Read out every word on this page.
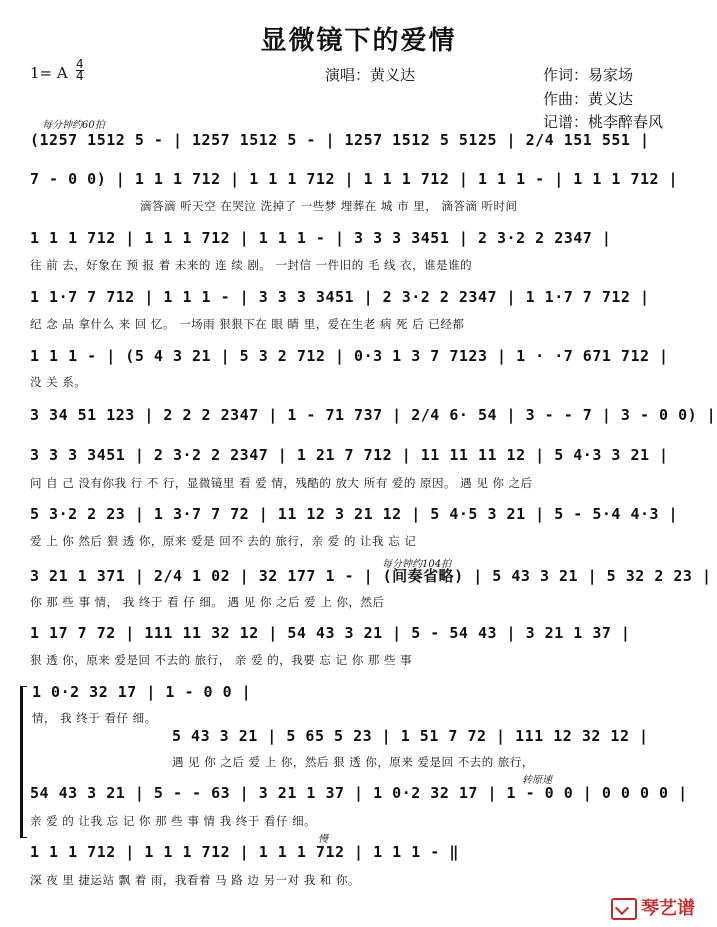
显微镜下的爱情
1= A 4
4	演唱：黄义达	作词：易家场
作曲：黄义达
记谱：桃李醉春风
每分钟约60拍
每分钟约104拍
转原速
慢
(1257 1512 5 - | 1257 1512 5 - | 1257 1512 5 5125 | 2/4 151 551 |
7 - 0 0) | 1 1 1 712 | 1 1 1 712 | 1 1 1 712 | 1 1 1 - | 1 1 1 712 |
滴答滴 听天空 在哭泣 洗掉了 一些梦 埋葬在 城 市 里， 滴答滴 听时间
1 1 1 712 | 1 1 1 712 | 1 1 1 - | 3 3 3 3451 | 2 3·2 2 2347 |
往 前 去，好象在 预 报 着 未来的 连 续 剧。 一封信 一件旧的 毛 线 衣，谁是谁的
1 1·7 7 712 | 1 1 1 - | 3 3 3 3451 | 2 3·2 2 2347 | 1 1·7 7 712 |
纪 念 品 拿什么 来 回 忆。 一场雨 狠狠下在 眼 睛 里，爱在生老 病 死 后 已经都
1 1 1 - | (5 4 3 21 | 5 3 2 712 | 0·3 1 3 7 7123 | 1 · ·7 671 712 |
没 关 系。
3 34 51 123 | 2 2 2 2347 | 1 - 71 737 | 2/4 6· 54 | 3 - - 7 | 3 - 0 0) |
3 3 3 3451 | 2 3·2 2 2347 | 1 21 7 712 | 11 11 11 12 | 5 4·3 3 21 |
问 自 己 没有你我 行 不 行，显微镜里 看 爱 情，残酷的 放大 所有 爱的 原因。 遇 见 你 之后
5 3·2 2 23 | 1 3·7 7 72 | 11 12 3 21 12 | 5 4·5 3 21 | 5 - 5·4 4·3 |
爱 上 你 然后 狠 透 你，原来 爱是 回不 去的 旅行，亲 爱 的 让我 忘 记
3 21 1 371 | 2/4 1 02 | 32 177 1 - | (间奏省略) | 5 43 3 21 | 5 32 2 23 |
你 那 些 事 情， 我 终于 看 仔 细。 遇 见 你 之后 爱 上 你，然后
1 17 7 72 | 111 11 32 12 | 54 43 3 21 | 5 - 54 43 | 3 21 1 37 |
狠 透 你，原来 爱是回 不去的 旅行， 亲 爱 的，我要 忘 记 你 那 些 事
1 0·2 32 17 | 1 - 0 0 |
情， 我 终于 看仔 细。
5 43 3 21 | 5 65 5 23 | 1 51 7 72 | 111 12 32 12 |
遇 见 你 之后 爱 上 你，然后 狠 透 你，原来 爱是回 不去的 旅行，
54 43 3 21 | 5 - - 63 | 3 21 1 37 | 1 0·2 32 17 | 1 - 0 0 | 0 0 0 0 |
亲 爱 的 让我 忘 记 你 那 些 事 情 我 终于 看仔 细。
1 1 1 712 | 1 1 1 712 | 1 1 1 712 | 1 1 1 - ‖
深 夜 里 捷运站 飘 着 雨，我看着 马 路 边 另一对 我 和 你。
琴艺谱
